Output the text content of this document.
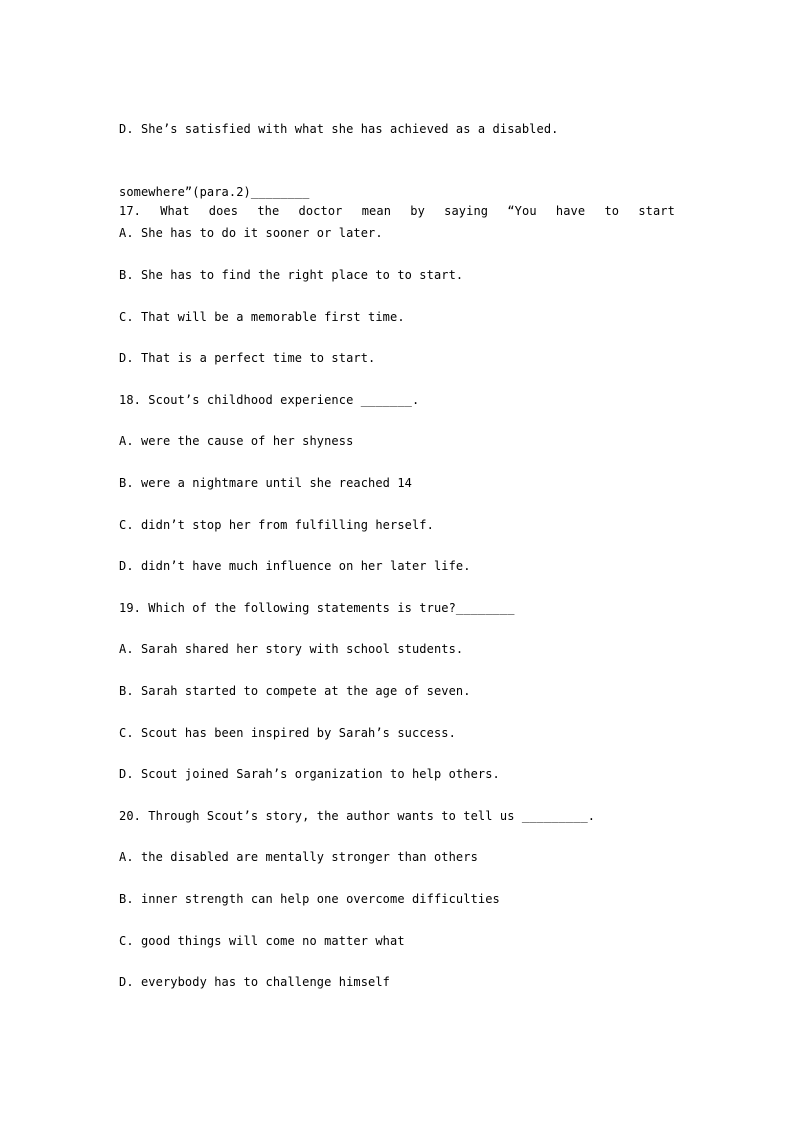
D. She’s satisfied with what she has achieved as a disabled.

17. What does the doctor mean by saying “You have to start

somewhere”(para.2)________
A. She has to do it sooner or later.
B. She has to find the right place to to start.
C. That will be a memorable first time.
D. That is a perfect time to start.
18. Scout’s childhood experience _______.
A. were the cause of her shyness
B. were a nightmare until she reached 14
C. didn’t stop her from fulfilling herself.
D. didn’t have much influence on her later life.
19. Which of the following statements is true?________
A. Sarah shared her story with school students.
B. Sarah started to compete at the age of seven.
C. Scout has been inspired by Sarah’s success.
D. Scout joined Sarah’s organization to help others.
20. Through Scout’s story, the author wants to tell us _________.
A. the disabled are mentally stronger than others
B. inner strength can help one overcome difficulties
C. good things will come no matter what
D. everybody has to challenge himself
